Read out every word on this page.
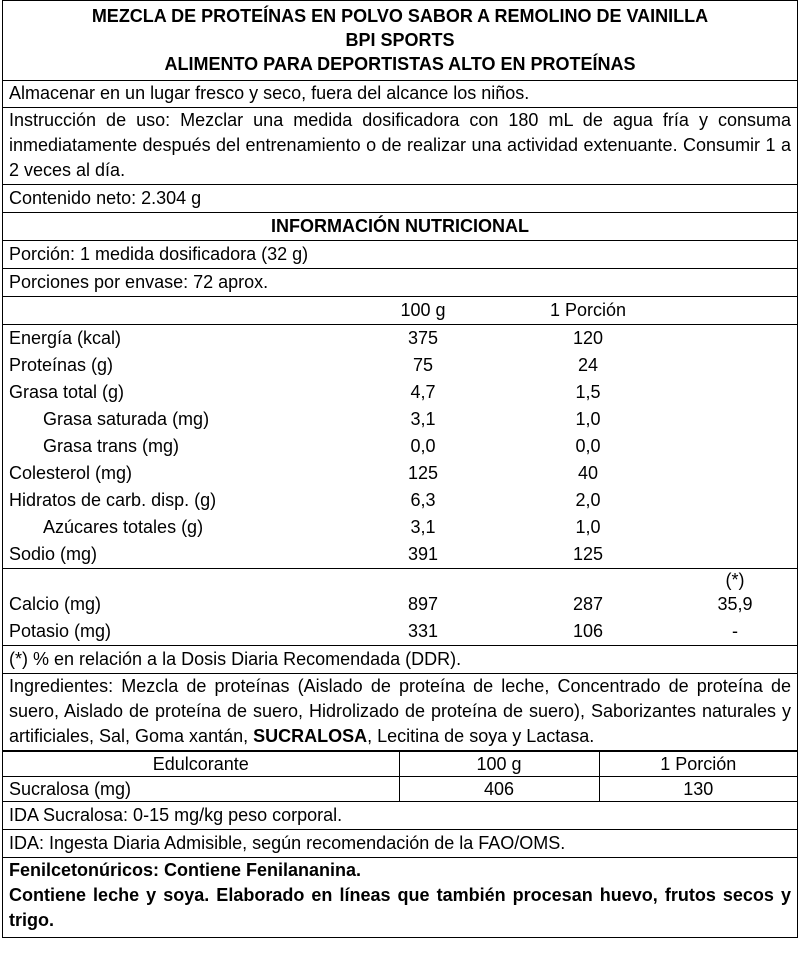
MEZCLA DE PROTEÍNAS EN POLVO SABOR A REMOLINO DE VAINILLA
BPI SPORTS
ALIMENTO PARA DEPORTISTAS ALTO EN PROTEÍNAS
Almacenar en un lugar fresco y seco, fuera del alcance los niños.
Instrucción de uso: Mezclar una medida dosificadora con 180 mL de agua fría y consuma inmediatamente después del entrenamiento o de realizar una actividad extenuante. Consumir 1 a 2 veces al día.
Contenido neto: 2.304 g
INFORMACIÓN NUTRICIONAL
Porción: 1 medida dosificadora (32 g)
Porciones por envase: 72 aprox.
	100 g	1 Porción	
Energía (kcal)	375	120	
Proteínas (g)	75	24	
Grasa total (g)	4,7	1,5	
Grasa saturada (mg)	3,1	1,0	
Grasa trans (mg)	0,0	0,0	
Colesterol (mg)	125	40	
Hidratos de carb. disp. (g)	6,3	2,0	
Azúcares totales (g)	3,1	1,0	
Sodio (mg)	391	125	
			(*)
Calcio (mg)	897	287	35,9
Potasio (mg)	331	106	-
(*) % en relación a la Dosis Diaria Recomendada (DDR).
Ingredientes: Mezcla de proteínas (Aislado de proteína de leche, Concentrado de proteína de suero, Aislado de proteína de suero, Hidrolizado de proteína de suero), Saborizantes naturales y artificiales, Sal, Goma xantán, SUCRALOSA, Lecitina de soya y Lactasa.
Edulcorante	100 g	1 Porción
Sucralosa (mg)	406	130
IDA Sucralosa: 0-15 mg/kg peso corporal.
IDA: Ingesta Diaria Admisible, según recomendación de la FAO/OMS.
Fenilcetonúricos: Contiene Fenilananina.
Contiene leche y soya. Elaborado en líneas que también procesan huevo, frutos secos y trigo.
